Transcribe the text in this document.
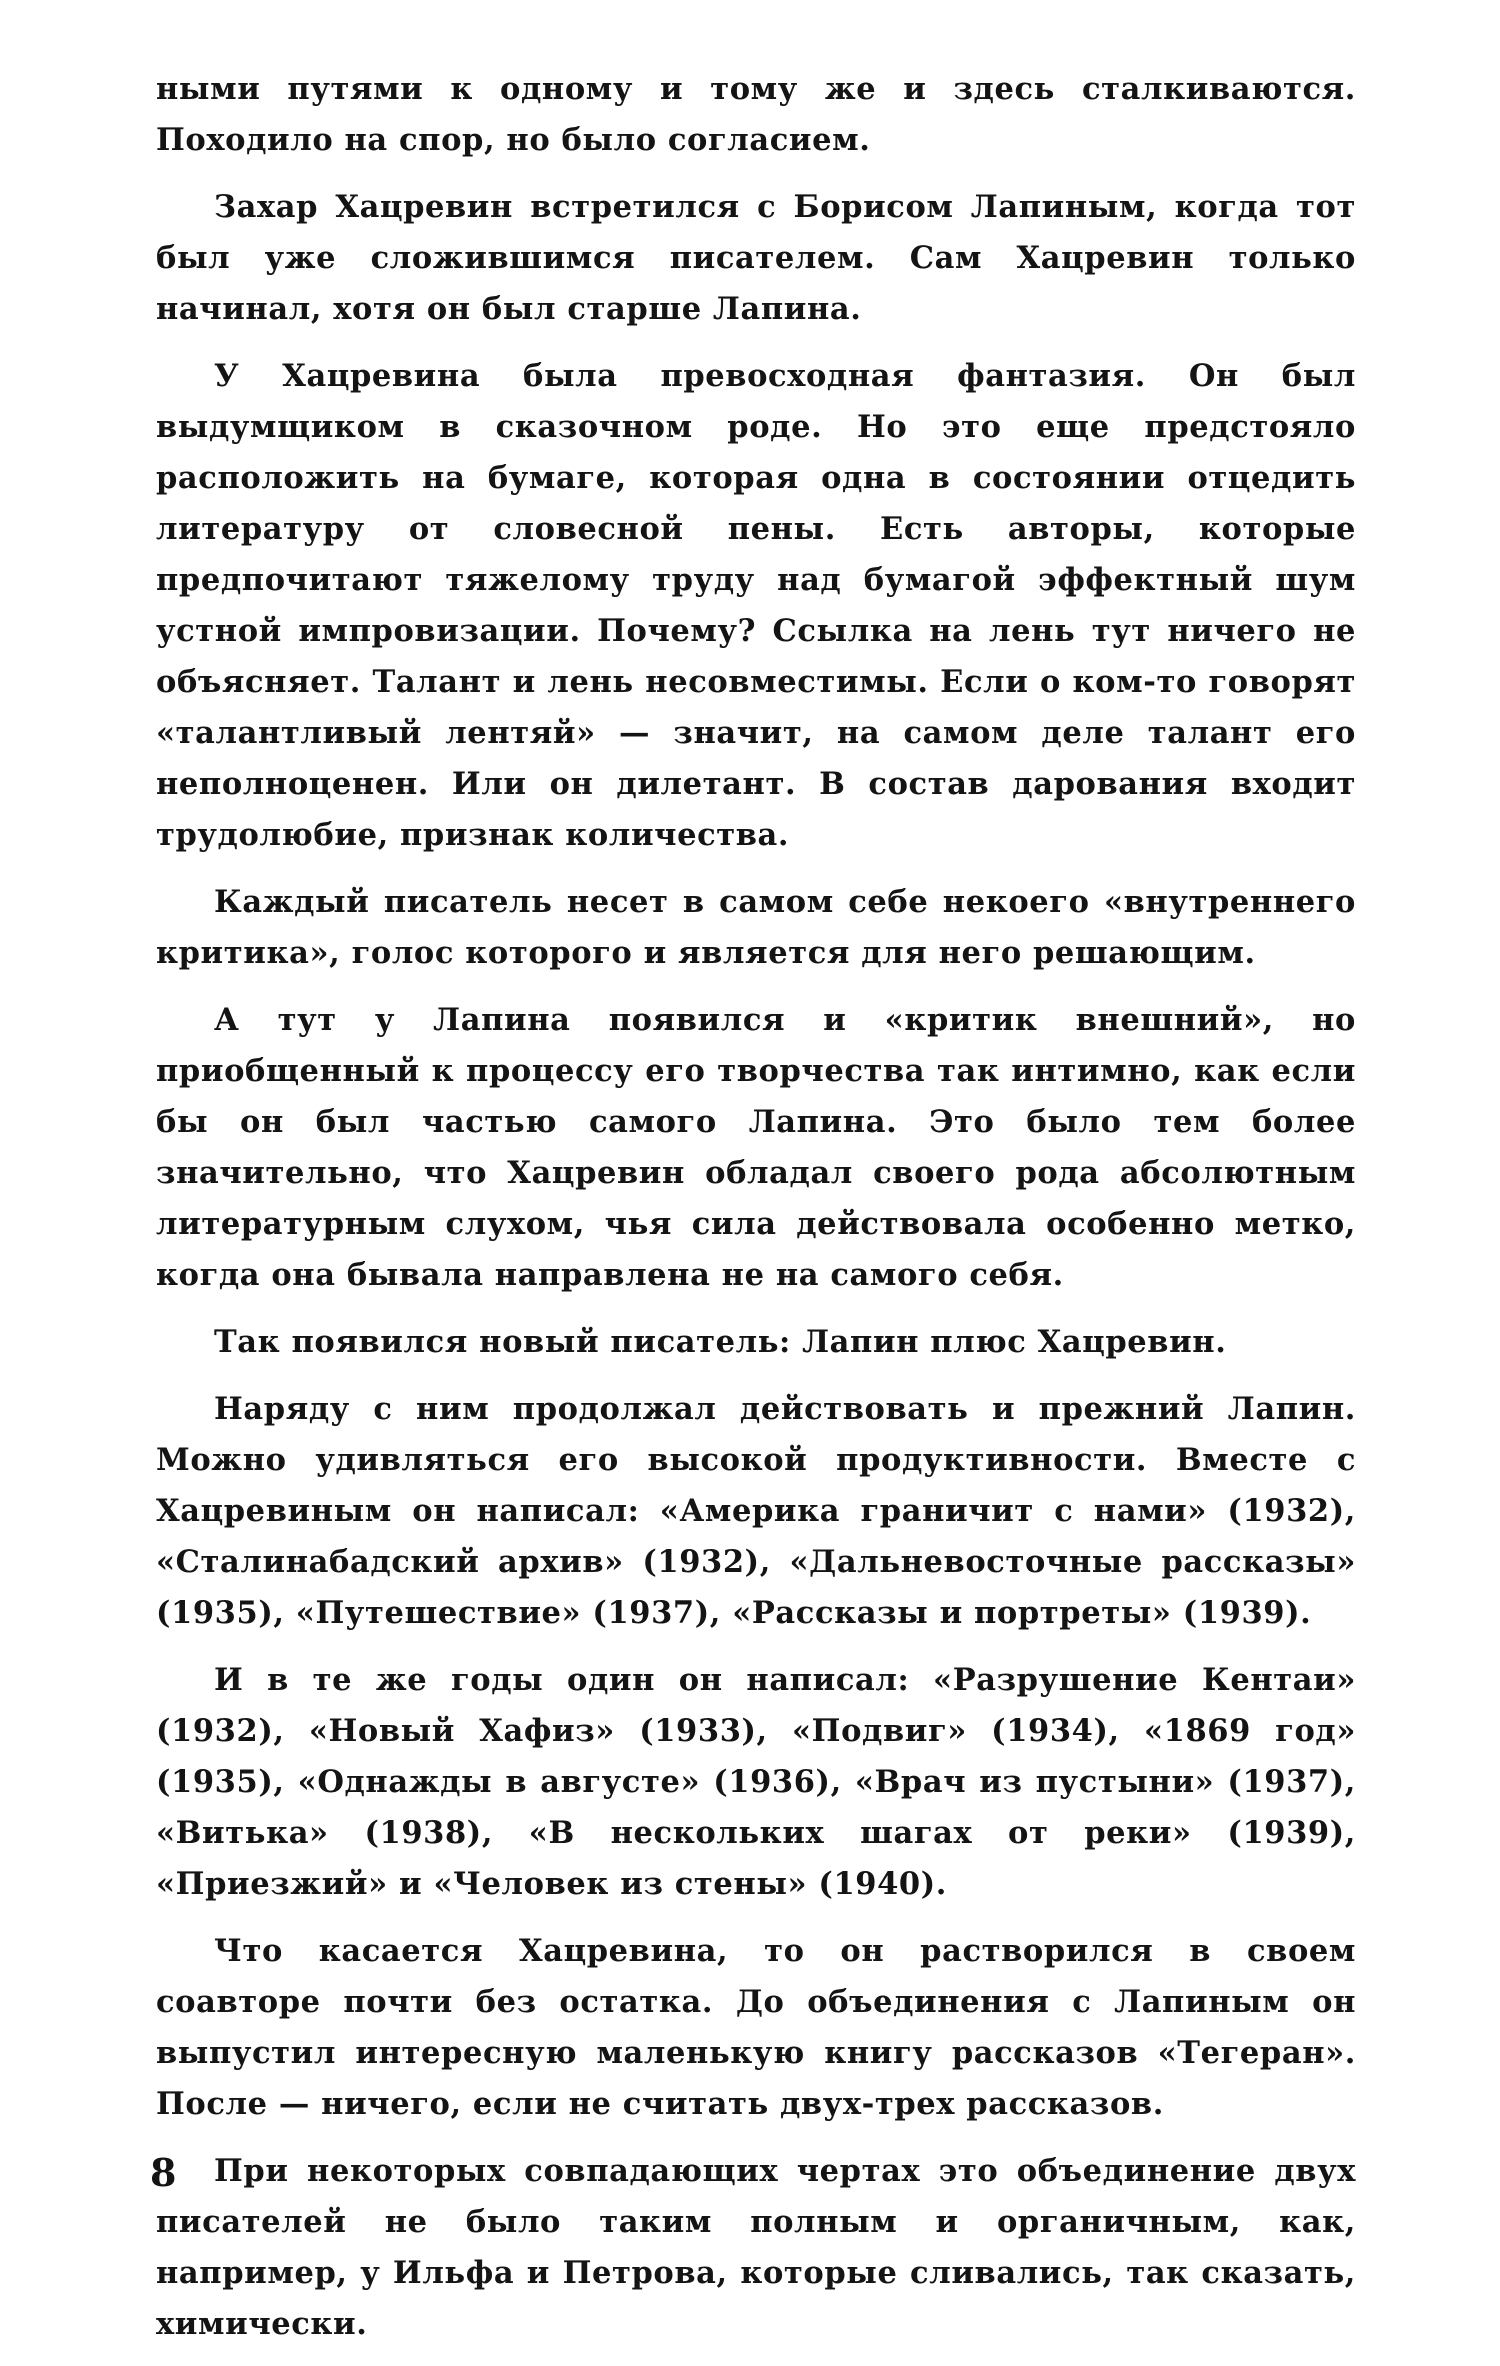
ными путями к одному и тому же и здесь сталкиваются. Походило на спор, но было согласием.

Захар Хацревин встретился с Борисом Лапиным, когда тот был уже сложившимся писателем. Сам Хацревин только начинал, хотя он был старше Лапина.

У Хацревина была превосходная фантазия. Он был выдумщиком в сказочном роде. Но это еще предстояло расположить на бумаге, которая одна в состоянии отцедить литературу от словесной пены. Есть авторы, которые предпочитают тяжелому труду над бумагой эффектный шум устной импровизации. Почему? Ссылка на лень тут ничего не объясняет. Талант и лень несовместимы. Если о ком-то говорят «талантливый лентяй» — значит, на самом деле талант его неполноценен. Или он дилетант. В состав дарования входит трудолюбие, признак количества.

Каждый писатель несет в самом себе некоего «внутреннего критика», голос которого и является для него решающим.

А тут у Лапина появился и «критик внешний», но приобщенный к процессу его творчества так интимно, как если бы он был частью самого Лапина. Это было тем более значительно, что Хацревин обладал своего рода абсолютным литературным слухом, чья сила действовала особенно метко, когда она бывала направлена не на самого себя.

Так появился новый писатель: Лапин плюс Хацревин.

Наряду с ним продолжал действовать и прежний Лапин. Можно удивляться его высокой продуктивности. Вместе с Хацревиным он написал: «Америка граничит с нами» (1932), «Сталинабадский архив» (1932), «Дальневосточные рассказы» (1935), «Путешествие» (1937), «Рассказы и портреты» (1939).

И в те же годы один он написал: «Разрушение Кентаи» (1932), «Новый Хафиз» (1933), «Подвиг» (1934), «1869 год» (1935), «Однажды в августе» (1936), «Врач из пустыни» (1937), «Витька» (1938), «В нескольких шагах от реки» (1939), «Приезжий» и «Человек из стены» (1940).

Что касается Хацревина, то он растворился в своем соавторе почти без остатка. До объединения с Лапиным он выпустил интересную маленькую книгу рассказов «Тегеран». После — ничего, если не считать двух-трех рассказов.

При некоторых совпадающих чертах это объединение двух писателей не было таким полным и органичным, как, например, у Ильфа и Петрова, которые сливались, так сказать, химически.

8
